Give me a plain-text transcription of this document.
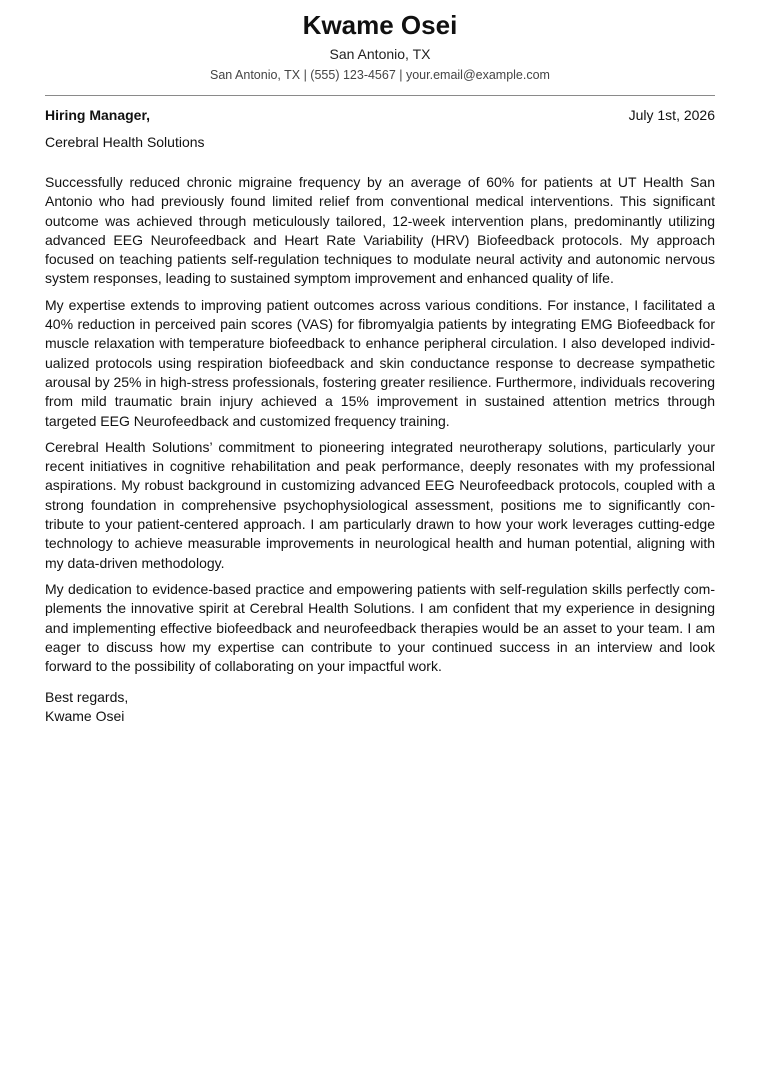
Kwame Osei
San Antonio, TX
San Antonio, TX | (555) 123-4567 | your.email@example.com
Hiring Manager,	July 1st, 2026
Cerebral Health Solutions

Successfully reduced chronic migraine frequency by an average of 60% for patients at UT Health San Antonio who had previously found limited relief from conventional medical interventions. This significant outcome was achieved through meticulously tailored, 12-week intervention plans, predominantly utilizing advanced EEG Neurofeedback and Heart Rate Variability (HRV) Biofeedback protocols. My approach focused on teaching patients self-regulation techniques to modulate neural activity and autonomic nervous system responses, leading to sustained symptom improvement and enhanced quality of life.

My expertise extends to improving patient outcomes across various conditions. For instance, I facilitated a 40% reduction in perceived pain scores (VAS) for fibromyalgia patients by integrating EMG Biofeedback for muscle relaxation with temperature biofeedback to enhance peripheral circulation. I also developed individualized protocols using respiration biofeedback and skin conductance response to decrease sympathetic arousal by 25% in high-stress professionals, fostering greater resilience. Furthermore, individuals recovering from mild traumatic brain injury achieved a 15% improvement in sustained attention metrics through targeted EEG Neurofeedback and customized frequency training.

Cerebral Health Solutions’ commitment to pioneering integrated neurotherapy solutions, particularly your recent initiatives in cognitive rehabilitation and peak performance, deeply resonates with my professional aspirations. My robust background in customizing advanced EEG Neurofeedback protocols, coupled with a strong foundation in comprehensive psychophysiological assessment, positions me to significantly contribute to your patient-centered approach. I am particularly drawn to how your work leverages cutting-edge technology to achieve measurable improvements in neurological health and human potential, aligning with my data-driven methodology.

My dedication to evidence-based practice and empowering patients with self-regulation skills perfectly complements the innovative spirit at Cerebral Health Solutions. I am confident that my experience in designing and implementing effective biofeedback and neurofeedback therapies would be an asset to your team. I am eager to discuss how my expertise can contribute to your continued success in an interview and look forward to the possibility of collaborating on your impactful work.

Best regards,
Kwame Osei
